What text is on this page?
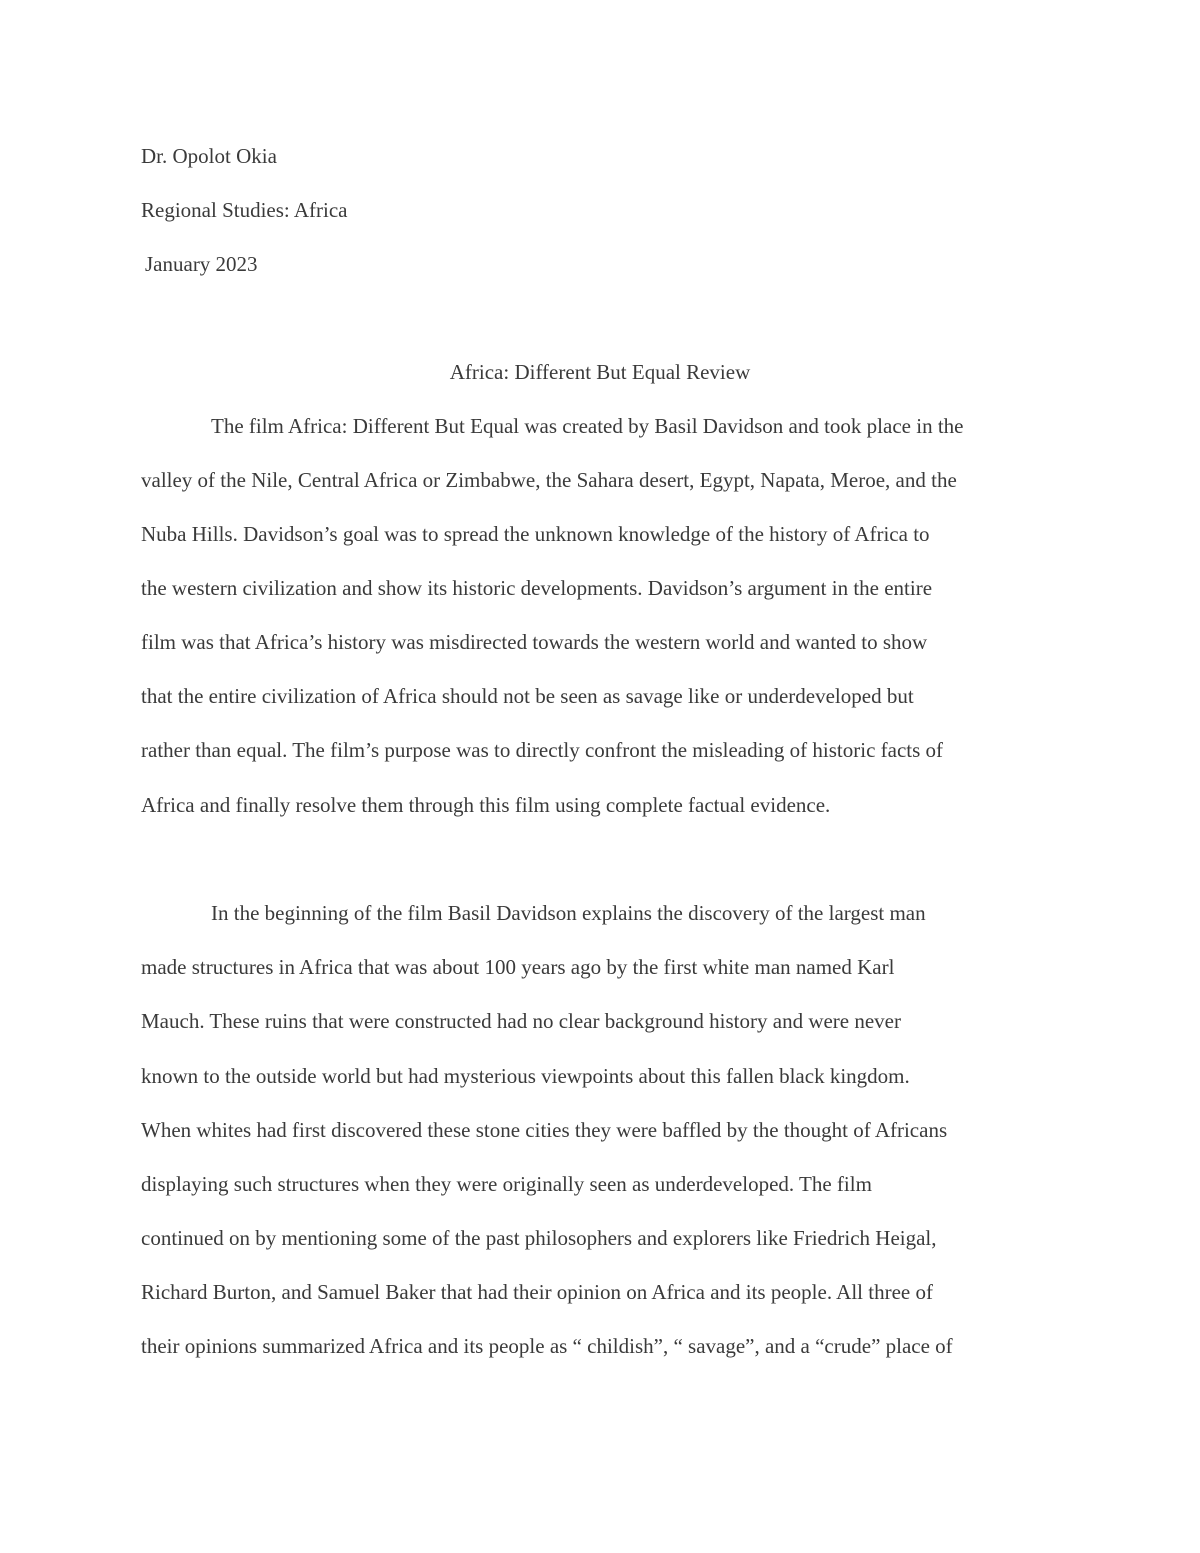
Dr. Opolot Okia

Regional Studies: Africa

January 2023

Africa: Different But Equal Review

The film Africa: Different But Equal was created by Basil Davidson and took place in the

valley of the Nile, Central Africa or Zimbabwe, the Sahara desert, Egypt, Napata, Meroe, and the

Nuba Hills. Davidson’s goal was to spread the unknown knowledge of the history of Africa to

the western civilization and show its historic developments. Davidson’s argument in the entire

film was that Africa’s history was misdirected towards the western world and wanted to show

that the entire civilization of Africa should not be seen as savage like or underdeveloped but

rather than equal. The film’s purpose was to directly confront the misleading of historic facts of

Africa and finally resolve them through this film using complete factual evidence.

In the beginning of the film Basil Davidson explains the discovery of the largest man

made structures in Africa that was about 100 years ago by the first white man named Karl

Mauch. These ruins that were constructed had no clear background history and were never

known to the outside world but had mysterious viewpoints about this fallen black kingdom.

When whites had first discovered these stone cities they were baffled by the thought of Africans

displaying such structures when they were originally seen as underdeveloped. The film

continued on by mentioning some of the past philosophers and explorers like Friedrich Heigal,

Richard Burton, and Samuel Baker that had their opinion on Africa and its people. All three of

their opinions summarized Africa and its people as “ childish”, “ savage”, and a “crude” place of
